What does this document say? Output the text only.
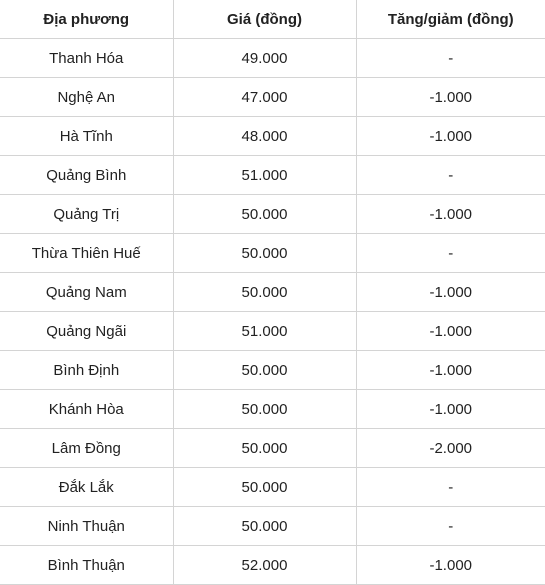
Địa phương	Giá (đồng)	Tăng/giảm (đồng)
Thanh Hóa	49.000	-
Nghệ An	47.000	-1.000
Hà Tĩnh	48.000	-1.000
Quảng Bình	51.000	-
Quảng Trị	50.000	-1.000
Thừa Thiên Huế	50.000	-
Quảng Nam	50.000	-1.000
Quảng Ngãi	51.000	-1.000
Bình Định	50.000	-1.000
Khánh Hòa	50.000	-1.000
Lâm Đồng	50.000	-2.000
Đắk Lắk	50.000	-
Ninh Thuận	50.000	-
Bình Thuận	52.000	-1.000
